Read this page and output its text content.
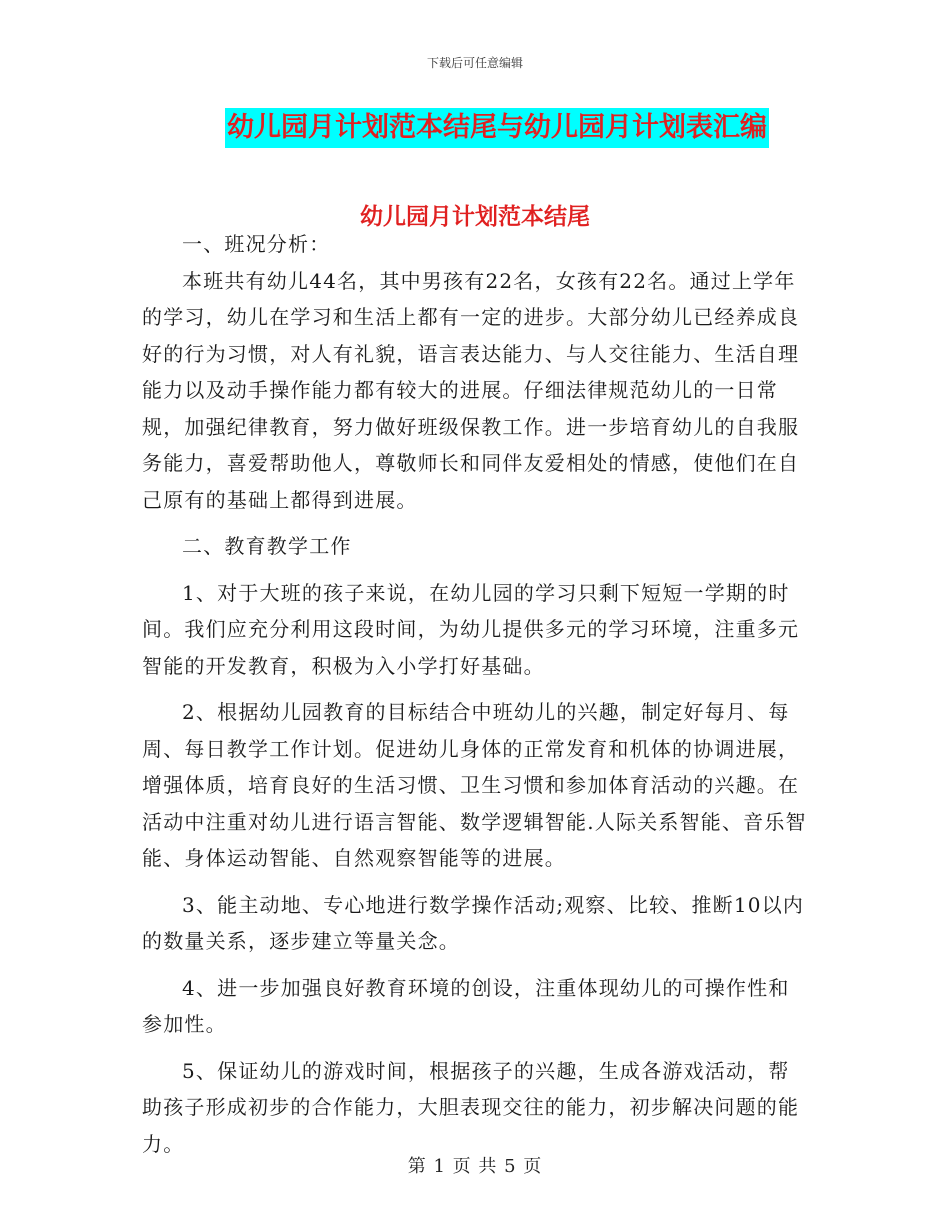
下载后可任意编辑
幼儿园月计划范本结尾与幼儿园月计划表汇编
幼儿园月计划范本结尾

一、班况分析：

本班共有幼儿44名，其中男孩有22名，女孩有22名。通过上学年的学习，幼儿在学习和生活上都有一定的进步。大部分幼儿已经养成良好的行为习惯，对人有礼貌，语言表达能力、与人交往能力、生活自理能力以及动手操作能力都有较大的进展。仔细法律规范幼儿的一日常规，加强纪律教育，努力做好班级保教工作。进一步培育幼儿的自我服务能力，喜爱帮助他人，尊敬师长和同伴友爱相处的情感，使他们在自己原有的基础上都得到进展。

二、教育教学工作

1、对于大班的孩子来说，在幼儿园的学习只剩下短短一学期的时间。我们应充分利用这段时间，为幼儿提供多元的学习环境，注重多元智能的开发教育，积极为入小学打好基础。

2、根据幼儿园教育的目标结合中班幼儿的兴趣，制定好每月、每周、每日教学工作计划。促进幼儿身体的正常发育和机体的协调进展，增强体质，培育良好的生活习惯、卫生习惯和参加体育活动的兴趣。在活动中注重对幼儿进行语言智能、数学逻辑智能.人际关系智能、音乐智能、身体运动智能、自然观察智能等的进展。

3、能主动地、专心地进行数学操作活动;观察、比较、推断10以内的数量关系，逐步建立等量关念。

4、进一步加强良好教育环境的创设，注重体现幼儿的可操作性和参加性。

5、保证幼儿的游戏时间，根据孩子的兴趣，生成各游戏活动，帮助孩子形成初步的合作能力，大胆表现交往的能力，初步解决问题的能力。

第 1 页 共 5 页
